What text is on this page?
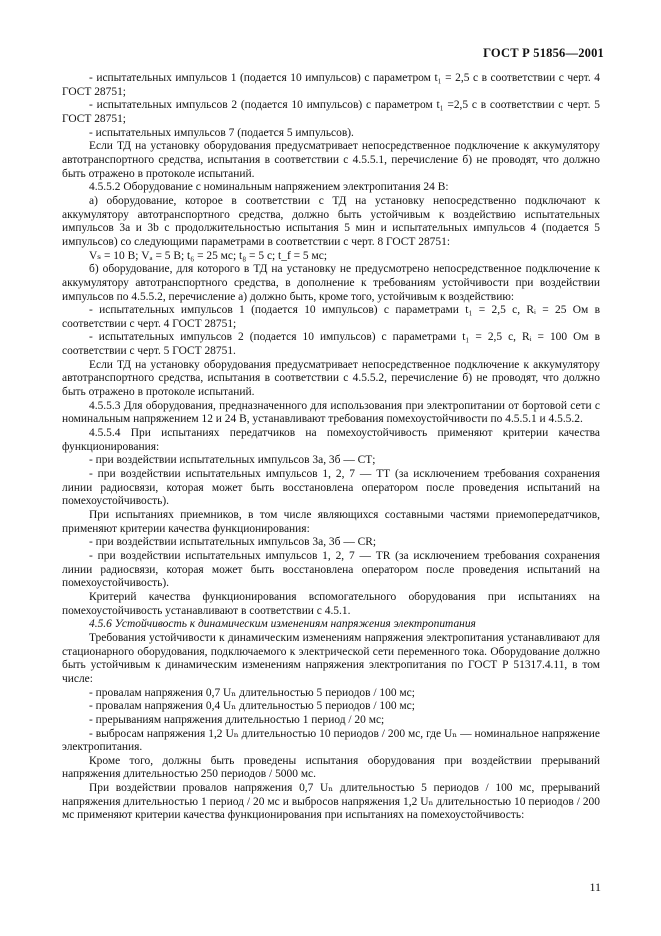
ГОСТ Р 51856—2001

- испытательных импульсов 1 (подается 10 импульсов) с параметром t₁ = 2,5 с в соответствии с черт. 4 ГОСТ 28751;

- испытательных импульсов 2 (подается 10 импульсов) с параметром t₁ =2,5 с в соответствии с черт. 5 ГОСТ 28751;

- испытательных импульсов 7 (подается 5 импульсов).

Если ТД на установку оборудования предусматривает непосредственное подключение к аккумулятору автотранспортного средства, испытания в соответствии с 4.5.5.1, перечисление б) не проводят, что должно быть отражено в протоколе испытаний.

4.5.5.2 Оборудование с номинальным напряжением электропитания 24 В:

а) оборудование, которое в соответствии с ТД на установку непосредственно подключают к аккумулятору автотранспортного средства, должно быть устойчивым к воздействию испытательных импульсов 3а и 3b с продолжительностью испытания 5 мин и испытательных импульсов 4 (подается 5 импульсов) со следующими параметрами в соответствии с черт. 8 ГОСТ 28751:

Vₛ = 10 В; Vₐ = 5 В; t₆ = 25 мс; t₈ = 5 с; t_f = 5 мс;

б) оборудование, для которого в ТД на установку не предусмотрено непосредственное подключение к аккумулятору автотранспортного средства, в дополнение к требованиям устойчивости при воздействии импульсов по 4.5.5.2, перечисление а) должно быть, кроме того, устойчивым к воздействию:

- испытательных импульсов 1 (подается 10 импульсов) с параметрами t₁ = 2,5 с, Rᵢ = 25 Ом в соответствии с черт. 4 ГОСТ 28751;

- испытательных импульсов 2 (подается 10 импульсов) с параметрами t₁ = 2,5 с, Rᵢ = 100 Ом в соответствии с черт. 5 ГОСТ 28751.

Если ТД на установку оборудования предусматривает непосредственное подключение к аккумулятору автотранспортного средства, испытания в соответствии с 4.5.5.2, перечисление б) не проводят, что должно быть отражено в протоколе испытаний.

4.5.5.3 Для оборудования, предназначенного для использования при электропитании от бортовой сети с номинальным напряжением 12 и 24 В, устанавливают требования помехоустойчивости по 4.5.5.1 и 4.5.5.2.

4.5.5.4 При испытаниях передатчиков на помехоустойчивость применяют критерии качества функционирования:

- при воздействии испытательных импульсов 3а, 3б — СТ;

- при воздействии испытательных импульсов 1, 2, 7 — ТТ (за исключением требования сохранения линии радиосвязи, которая может быть восстановлена оператором после проведения испытаний на помехоустойчивость).

При испытаниях приемников, в том числе являющихся составными частями приемопередатчиков, применяют критерии качества функционирования:

- при воздействии испытательных импульсов 3а, 3б — CR;

- при воздействии испытательных импульсов 1, 2, 7 — TR (за исключением требования сохранения линии радиосвязи, которая может быть восстановлена оператором после проведения испытаний на помехоустойчивость).

Критерий качества функционирования вспомогательного оборудования при испытаниях на помехоустойчивость устанавливают в соответствии с 4.5.1.

4.5.6 Устойчивость к динамическим изменениям напряжения электропитания

Требования устойчивости к динамическим изменениям напряжения электропитания устанавливают для стационарного оборудования, подключаемого к электрической сети переменного тока. Оборудование должно быть устойчивым к динамическим изменениям напряжения электропитания по ГОСТ Р 51317.4.11, в том числе:

- провалам напряжения 0,7 Uₙ длительностью 5 периодов / 100 мс;

- провалам напряжения 0,4 Uₙ длительностью 5 периодов / 100 мс;

- прерываниям напряжения длительностью 1 период / 20 мс;

- выбросам напряжения 1,2 Uₙ длительностью 10 периодов / 200 мс, где Uₙ — номинальное напряжение электропитания.

Кроме того, должны быть проведены испытания оборудования при воздействии прерываний напряжения длительностью 250 периодов / 5000 мс.

При воздействии провалов напряжения 0,7 Uₙ длительностью 5 периодов / 100 мс, прерываний напряжения длительностью 1 период / 20 мс и выбросов напряжения 1,2 Uₙ длительностью 10 периодов / 200 мс применяют критерии качества функционирования при испытаниях на помехоустойчивость:

11
